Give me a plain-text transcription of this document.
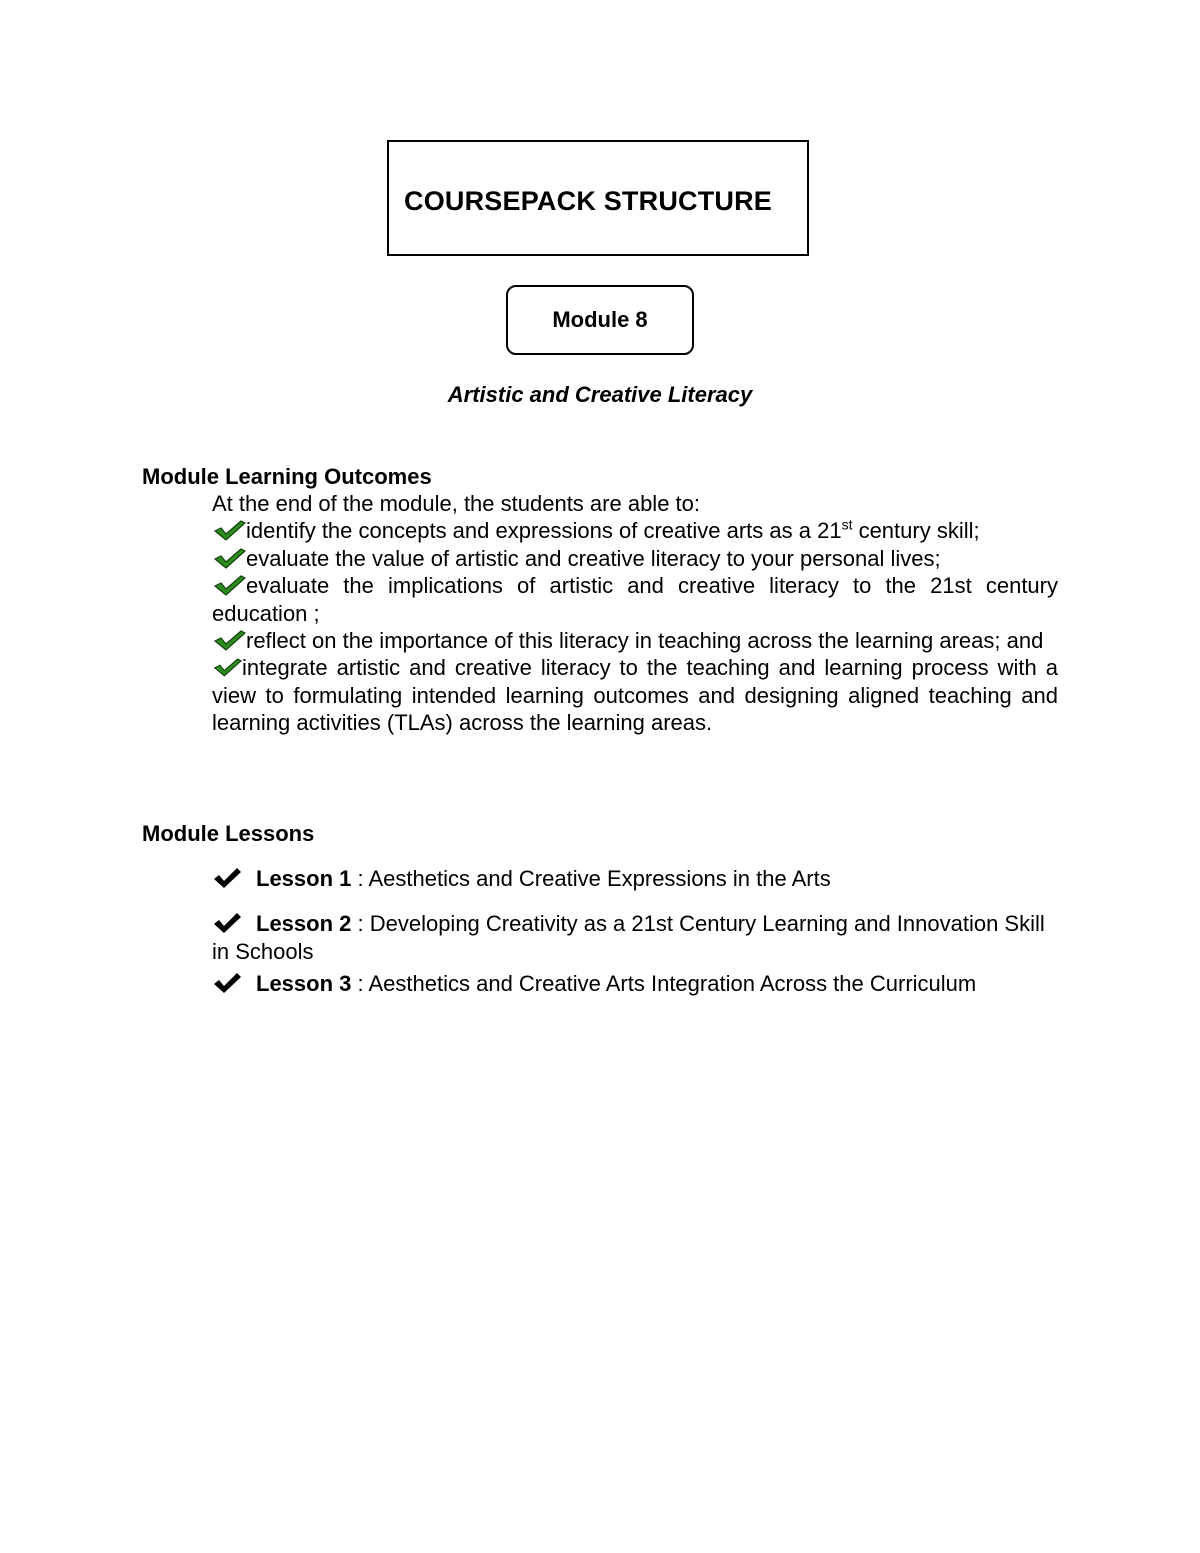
COURSEPACK STRUCTURE
Module 8
Artistic and Creative Literacy
Module Learning Outcomes
At the end of the module, the students are able to:
identify the concepts and expressions of creative arts as a 21st century skill;
evaluate the value of artistic and creative literacy to your personal lives;
evaluate the implications of artistic and creative literacy to the 21st century education ;
reflect on the importance of this literacy in teaching across the learning areas; and
integrate artistic and creative literacy to the teaching and learning process with a view to formulating intended learning outcomes and designing aligned teaching and learning activities (TLAs) across the learning areas.
Module Lessons
Lesson 1 : Aesthetics and Creative Expressions in the Arts
Lesson 2 : Developing Creativity as a 21st Century Learning and Innovation Skill in Schools
Lesson 3 : Aesthetics and Creative Arts Integration Across the Curriculum
